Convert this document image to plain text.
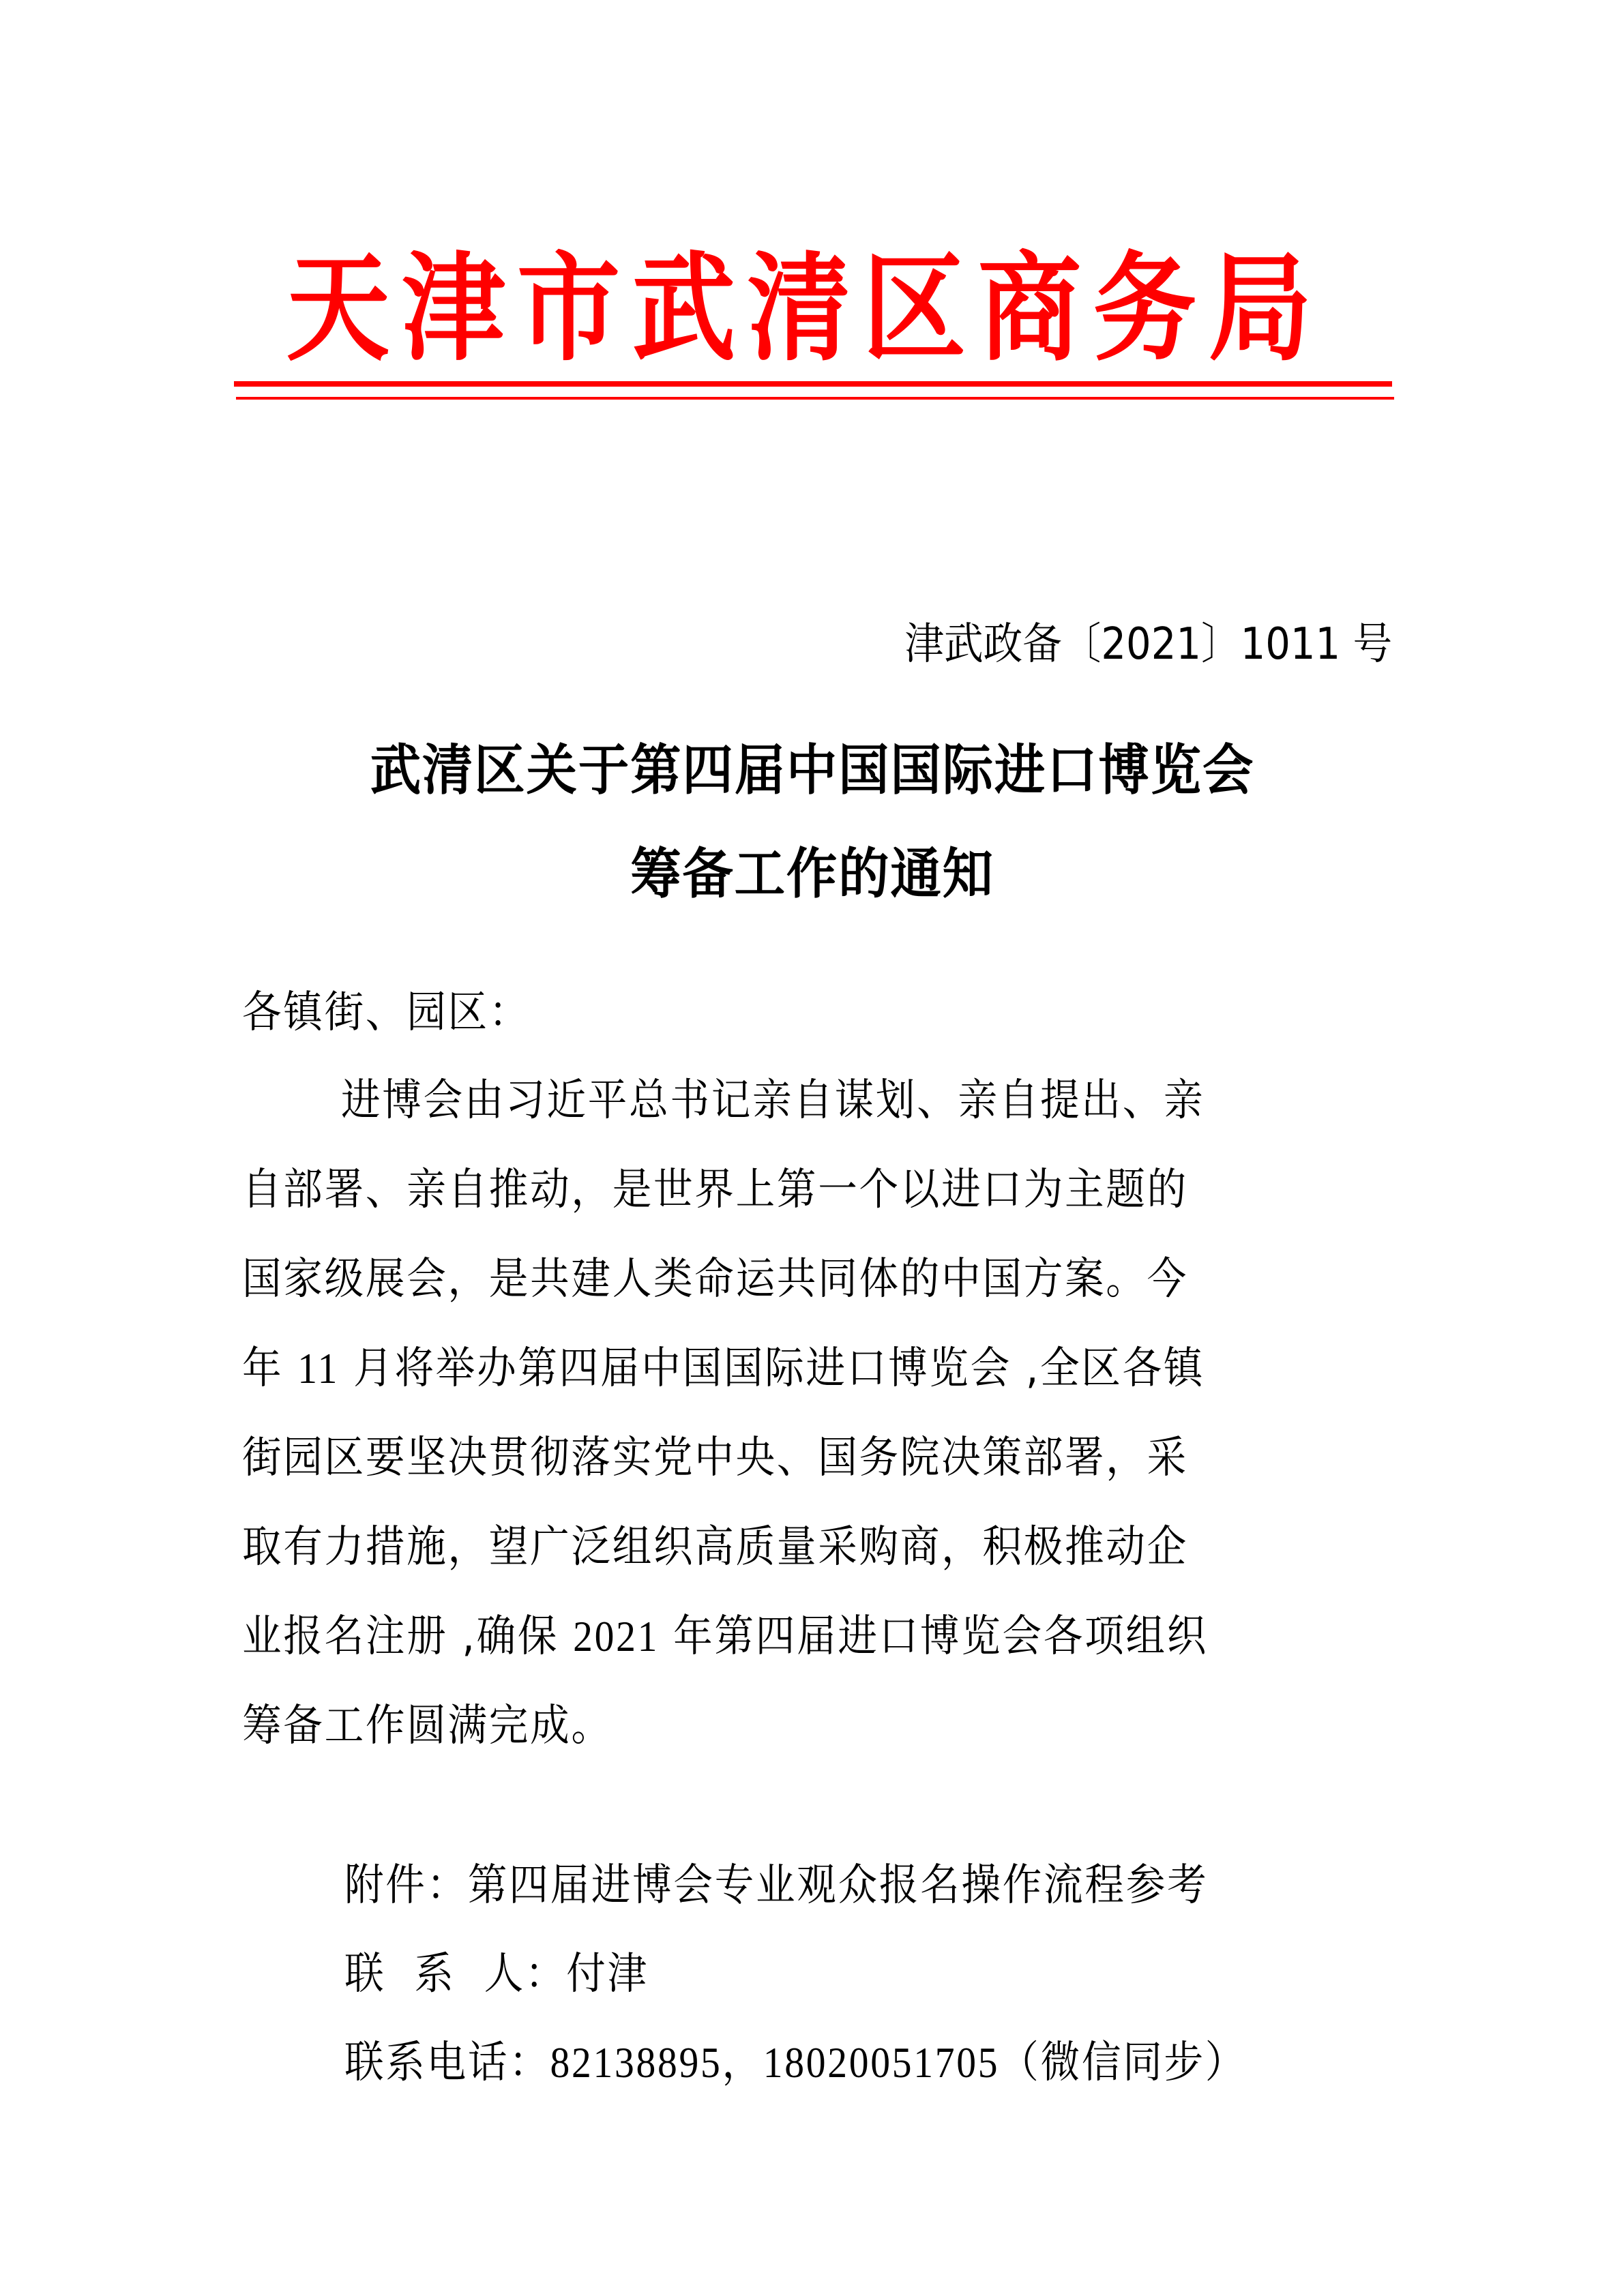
天津市武清区商务局
津武政备〔2021〕1011 号
武清区关于第四届中国国际进口博览会
筹备工作的通知
各镇街、园区：
进博会由习近平总书记亲自谋划、亲自提出、亲
自部署、亲自推动，是世界上第一个以进口为主题的
国家级展会，是共建人类命运共同体的中国方案。今
年 11 月将举办第四届中国国际进口博览会 ,全区各镇
街园区要坚决贯彻落实党中央、国务院决策部署，采
取有力措施，望广泛组织高质量采购商，积极推动企
业报名注册 ,确保 2021 年第四届进口博览会各项组织
筹备工作圆满完成。
附件：第四届进博会专业观众报名操作流程参考
联  系  人：付津
联系电话：82138895，18020051705（微信同步）
